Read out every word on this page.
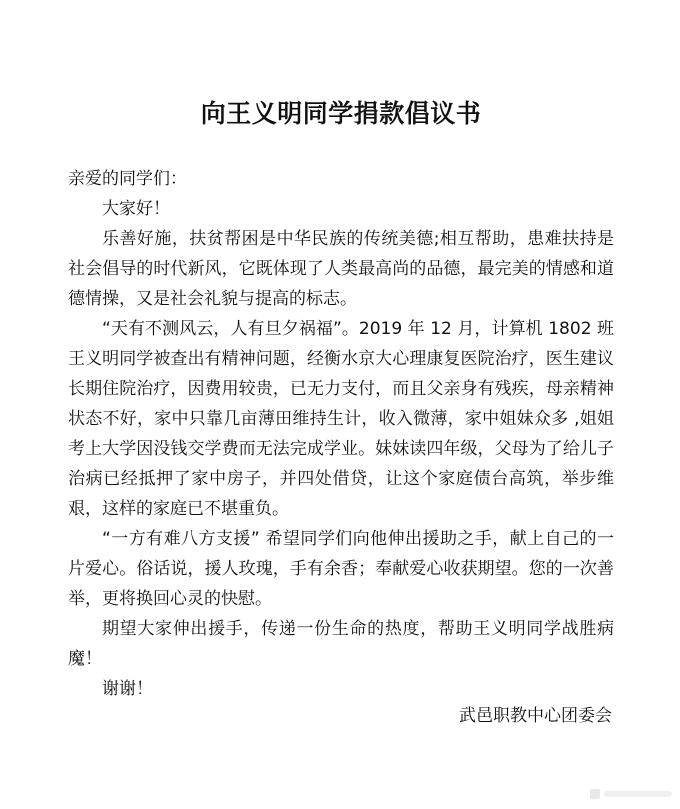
向王义明同学捐款倡议书

亲爱的同学们：

大家好！

乐善好施，扶贫帮困是中华民族的传统美德;相互帮助，患难扶持是社会倡导的时代新风，它既体现了人类最高尚的品德，最完美的情感和道德情操，又是社会礼貌与提高的标志。

“天有不测风云，人有旦夕祸福”。2019 年 12 月，计算机 1802 班王义明同学被查出有精神问题，经衡水京大心理康复医院治疗，医生建议长期住院治疗，因费用较贵，已无力支付，而且父亲身有残疾，母亲精神状态不好，家中只靠几亩薄田维持生计，收入微薄，家中姐妹众多 ,姐姐考上大学因没钱交学费而无法完成学业。妹妹读四年级，父母为了给儿子治病已经抵押了家中房子，并四处借贷，让这个家庭债台高筑，举步维艰，这样的家庭已不堪重负。

“一方有难八方支援” 希望同学们向他伸出援助之手，献上自己的一片爱心。俗话说，援人玫瑰，手有余香；奉献爱心收获期望。您的一次善举，更将换回心灵的快慰。

期望大家伸出援手，传递一份生命的热度，帮助王义明同学战胜病魔！

谢谢！

武邑职教中心团委会
